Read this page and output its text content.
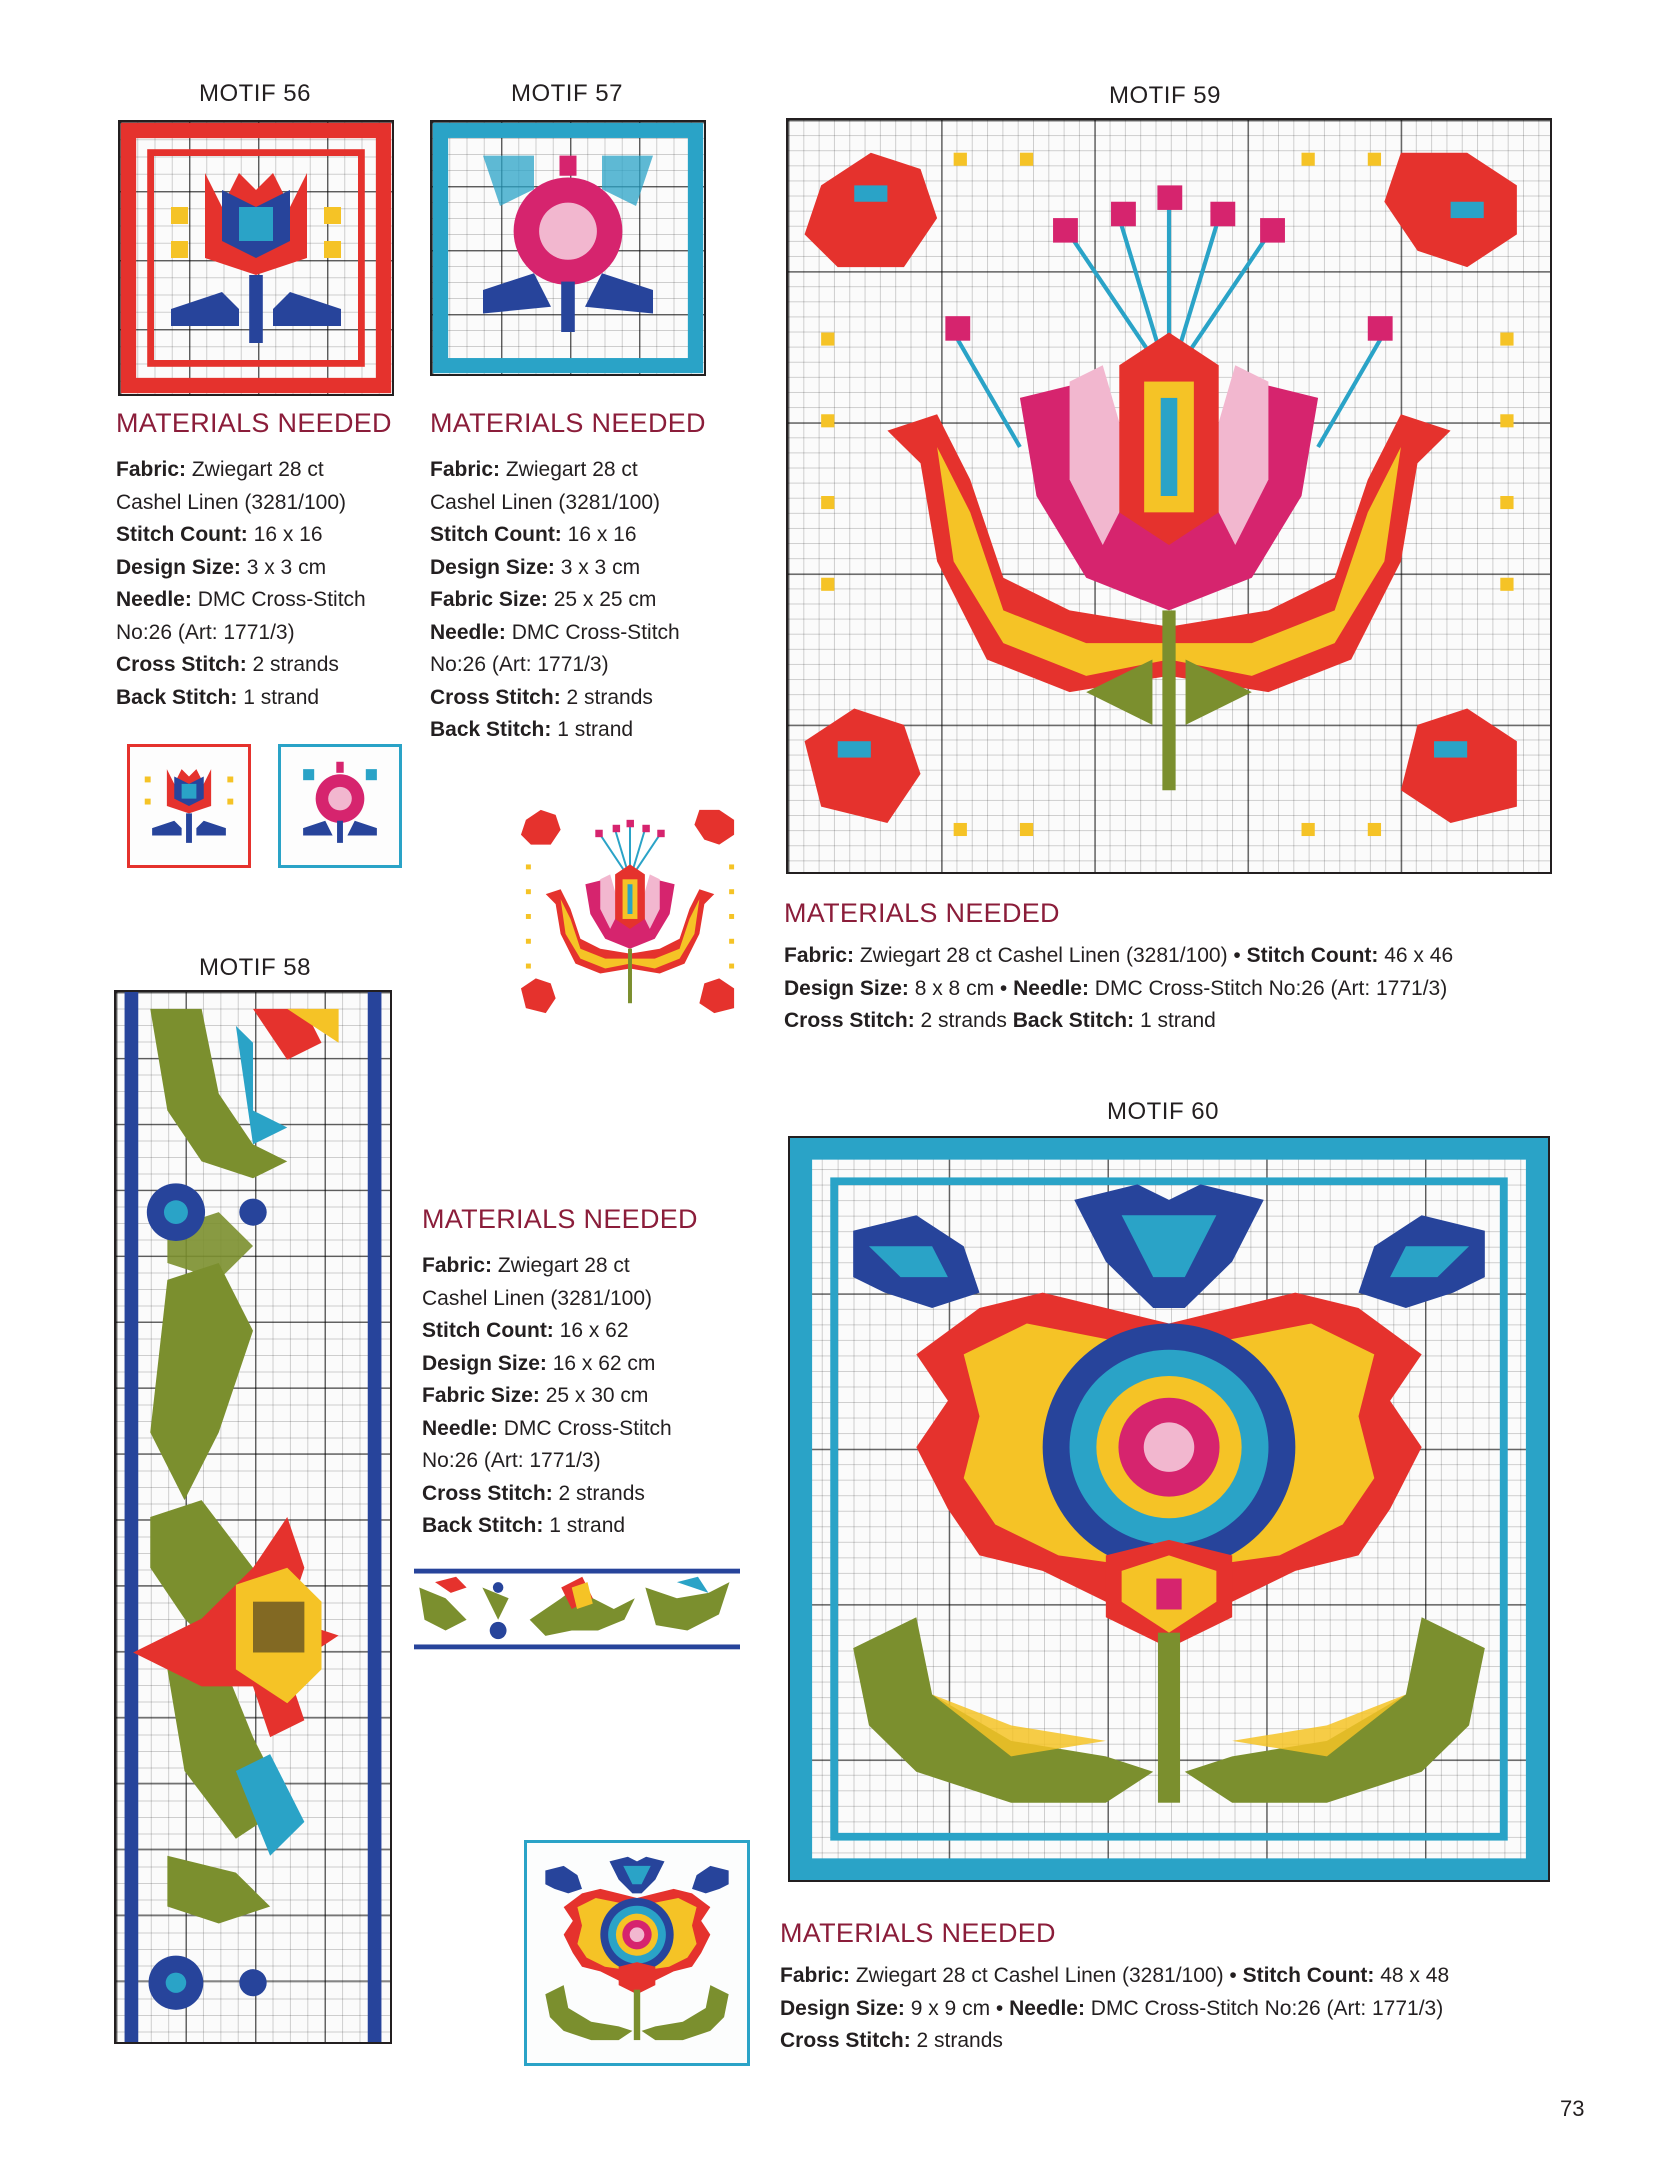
MOTIF 56
MATERIALS NEEDED
Fabric: Zwiegart 28 ct
Cashel Linen (3281/100)
Stitch Count: 16 x 16
Design Size: 3 x 3 cm
Needle: DMC Cross-Stitch
No:26 (Art: 1771/3)
Cross Stitch: 2 strands
Back Stitch: 1 strand
MOTIF 57
MATERIALS NEEDED
Fabric: Zwiegart 28 ct
Cashel Linen (3281/100)
Stitch Count: 16 x 16
Design Size: 3 x 3 cm
Fabric Size: 25 x 25 cm
Needle: DMC Cross-Stitch
No:26 (Art: 1771/3)
Cross Stitch: 2 strands
Back Stitch: 1 strand
MOTIF 59
MATERIALS NEEDED
Fabric: Zwiegart 28 ct Cashel Linen (3281/100) • Stitch Count: 46 x 46
Design Size: 8 x 8 cm • Needle: DMC Cross-Stitch No:26 (Art: 1771/3)
Cross Stitch: 2 strands Back Stitch: 1 strand
MOTIF 58
MATERIALS NEEDED
Fabric: Zwiegart 28 ct
Cashel Linen (3281/100)
Stitch Count: 16 x 62
Design Size: 16 x 62 cm
Fabric Size: 25 x 30 cm
Needle: DMC Cross-Stitch
No:26 (Art: 1771/3)
Cross Stitch: 2 strands
Back Stitch: 1 strand
MOTIF 60
MATERIALS NEEDED
Fabric: Zwiegart 28 ct Cashel Linen (3281/100) • Stitch Count: 48 x 48
Design Size: 9 x 9 cm • Needle: DMC Cross-Stitch No:26 (Art: 1771/3)
Cross Stitch: 2 strands
73
